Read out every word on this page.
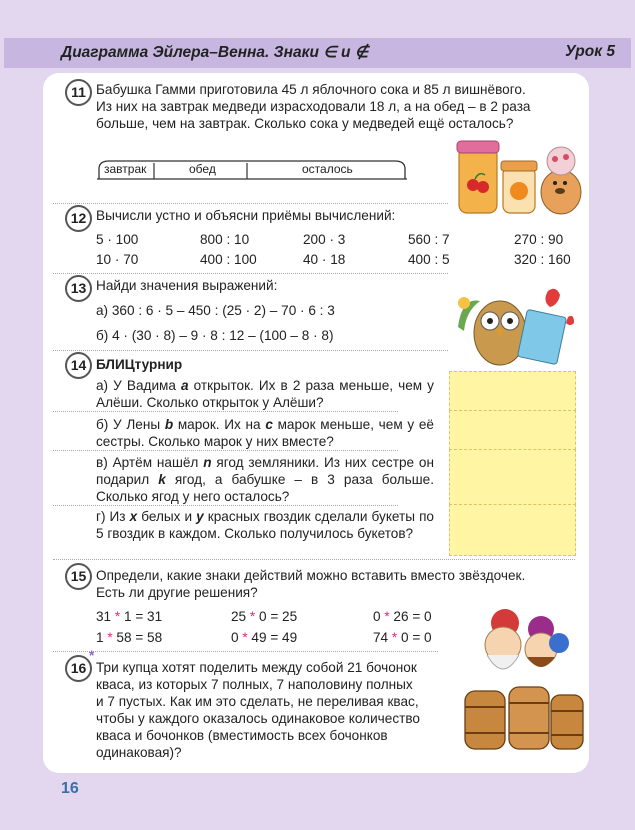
Диаграмма Эйлера–Венна. Знаки ∈ и ∉	Урок 5
11 Бабушка Гамми приготовила 45 л яблочного сока и 85 л вишнёвого.
Из них на завтрак медведи израсходовали 18 л, а на обед – в 2 раза
больше, чем на завтрак. Сколько сока у медведей ещё осталось?
завтрак	обед	осталось
12 Вычисли устно и объясни приёмы вычислений:
5 · 100	800 : 10	200 · 3	560 : 7	270 : 90
10 · 70	400 : 100	40 · 18	400 : 5	320 : 160
13 Найди значения выражений:
а) 360 : 6 · 5 – 450 : (25 · 2) – 70 · 6 : 3
б) 4 · (30 · 8) – 9 · 8 : 12 – (100 – 8 · 8)
14 БЛИЦтурнир
а) У Вадима a открыток. Их в 2 раза меньше, чем у Алёши. Сколько открыток у Алёши?
б) У Лены b марок. Их на c марок меньше, чем у её сестры. Сколько марок у них вместе?
в) Артём нашёл n ягод земляники. Из них сестре он подарил k ягод, а бабушке – в 3 раза больше. Сколько ягод у него осталось?
г) Из x белых и y красных гвоздик сделали букеты по 5 гвоздик в каждом. Сколько получилось букетов?
15 Определи, какие знаки действий можно вставить вместо звёздочек.
Есть ли другие решения?
31 * 1 = 31	25 * 0 = 25	0 * 26 = 0
1 * 58 = 58	0 * 49 = 49	74 * 0 = 0
16
*
Три купца хотят поделить между собой 21 бочонок
кваса, из которых 7 полных, 7 наполовину полных
и 7 пустых. Как им это сделать, не переливая квас,
чтобы у каждого оказалось одинаковое количество
кваса и бочонков (вместимость всех бочонков
одинаковая)?
16
